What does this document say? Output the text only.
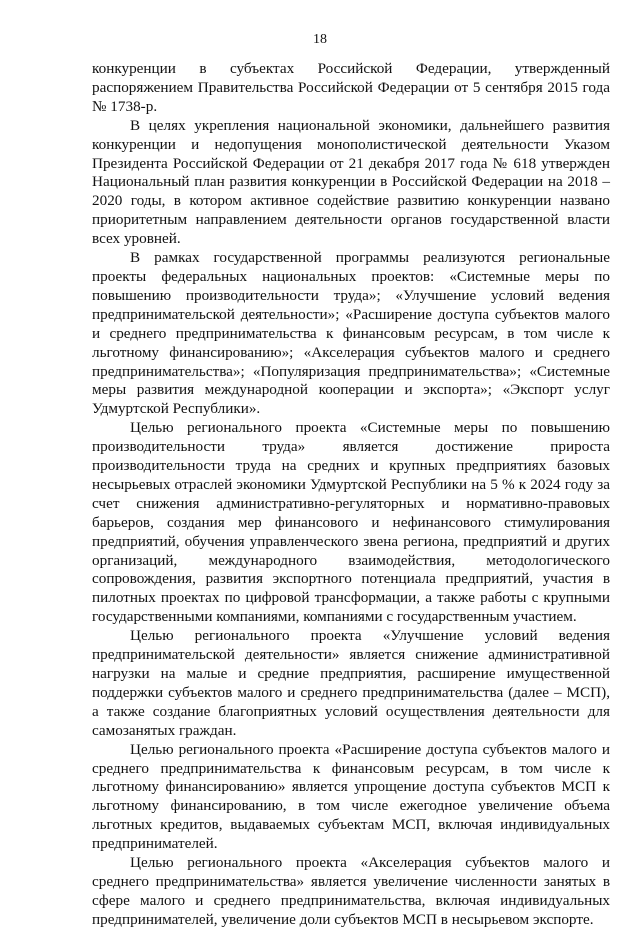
18

конкуренции в субъектах Российской Федерации, утвержденный распоряжением Правительства Российской Федерации от 5 сентября 2015 года № 1738-р.

В целях укрепления национальной экономики, дальнейшего развития конкуренции и недопущения монополистической деятельности Указом Президента Российской Федерации от 21 декабря 2017 года № 618 утвержден Национальный план развития конкуренции в Российской Федерации на 2018 – 2020 годы, в котором активное содействие развитию конкуренции названо приоритетным направлением деятельности органов государственной власти всех уровней.

В рамках государственной программы реализуются региональные проекты федеральных национальных проектов: «Системные меры по повышению производительности труда»; «Улучшение условий ведения предпринимательской деятельности»; «Расширение доступа субъектов малого и среднего предпринимательства к финансовым ресурсам, в том числе к льготному финансированию»; «Акселерация субъектов малого и среднего предпринимательства»; «Популяризация предпринимательства»; «Системные меры развития международной кооперации и экспорта»; «Экспорт услуг Удмуртской Республики».

Целью регионального проекта «Системные меры по повышению производительности труда» является достижение прироста производительности труда на средних и крупных предприятиях базовых несырьевых отраслей экономики Удмуртской Республики на 5 % к 2024 году за счет снижения административно-регуляторных и нормативно-правовых барьеров, создания мер финансового и нефинансового стимулирования предприятий, обучения управленческого звена региона, предприятий и других организаций, международного взаимодействия, методологического сопровождения, развития экспортного потенциала предприятий, участия в пилотных проектах по цифровой трансформации, а также работы с крупными государственными компаниями, компаниями с государственным участием.

Целью регионального проекта «Улучшение условий ведения предпринимательской деятельности» является снижение административной нагрузки на малые и средние предприятия, расширение имущественной поддержки субъектов малого и среднего предпринимательства (далее – МСП), а также создание благоприятных условий осуществления деятельности для самозанятых граждан.

Целью регионального проекта «Расширение доступа субъектов малого и среднего предпринимательства к финансовым ресурсам, в том числе к льготному финансированию» является упрощение доступа субъектов МСП к льготному финансированию, в том числе ежегодное увеличение объема льготных кредитов, выдаваемых субъектам МСП, включая индивидуальных предпринимателей.

Целью регионального проекта «Акселерация субъектов малого и среднего предпринимательства» является увеличение численности занятых в сфере малого и среднего предпринимательства, включая индивидуальных предпринимателей, увеличение доли субъектов МСП в несырьевом экспорте.
